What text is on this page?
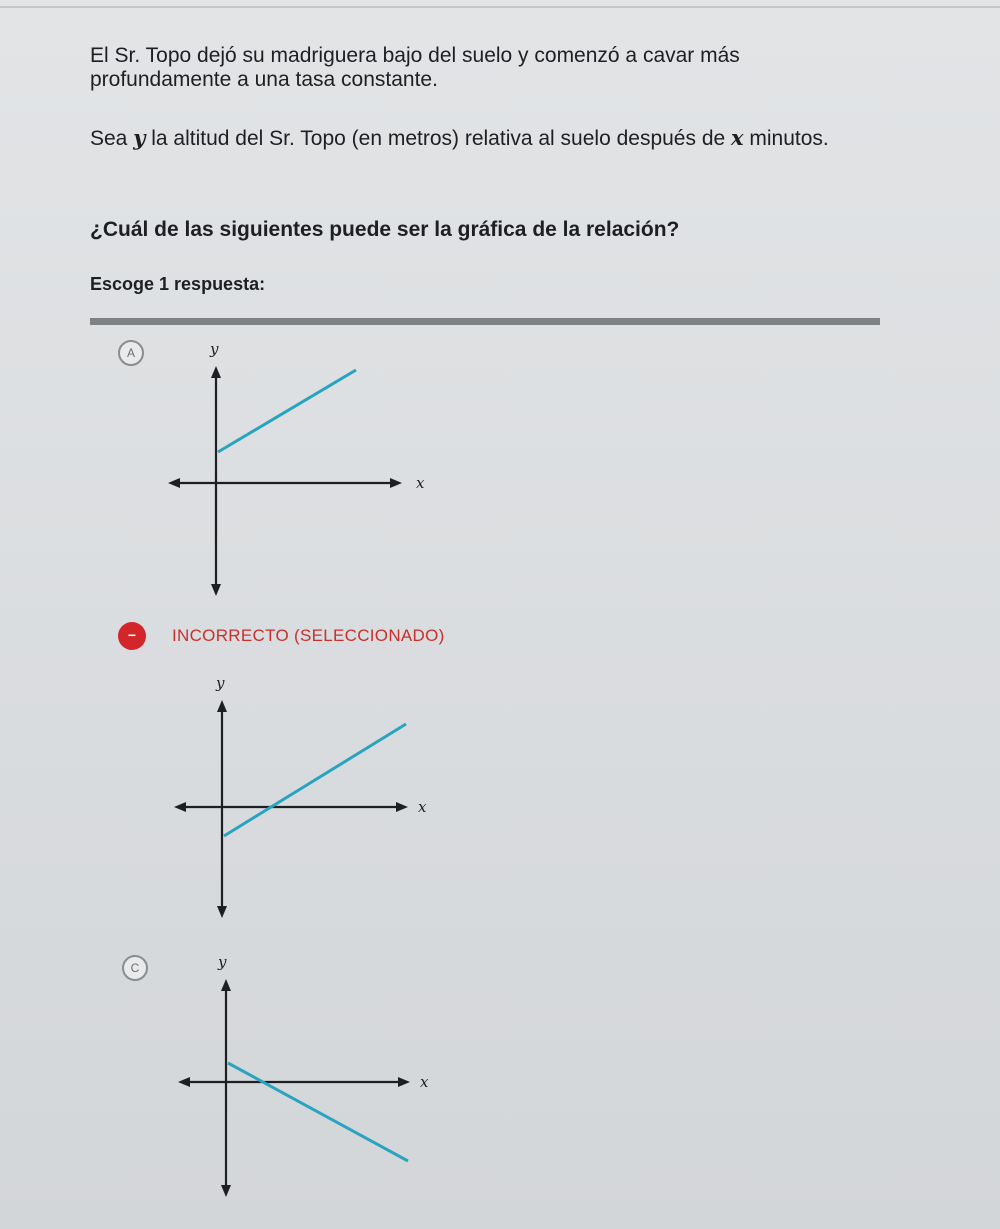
El Sr. Topo dejó su madriguera bajo del suelo y comenzó a cavar más profundamente a una tasa constante.
Sea y la altitud del Sr. Topo (en metros) relativa al suelo después de x minutos.
¿Cuál de las siguientes puede ser la gráfica de la relación?
Escoge 1 respuesta:
A	y
x
−	INCORRECTO (SELECCIONADO)
y
x
C	y
x
